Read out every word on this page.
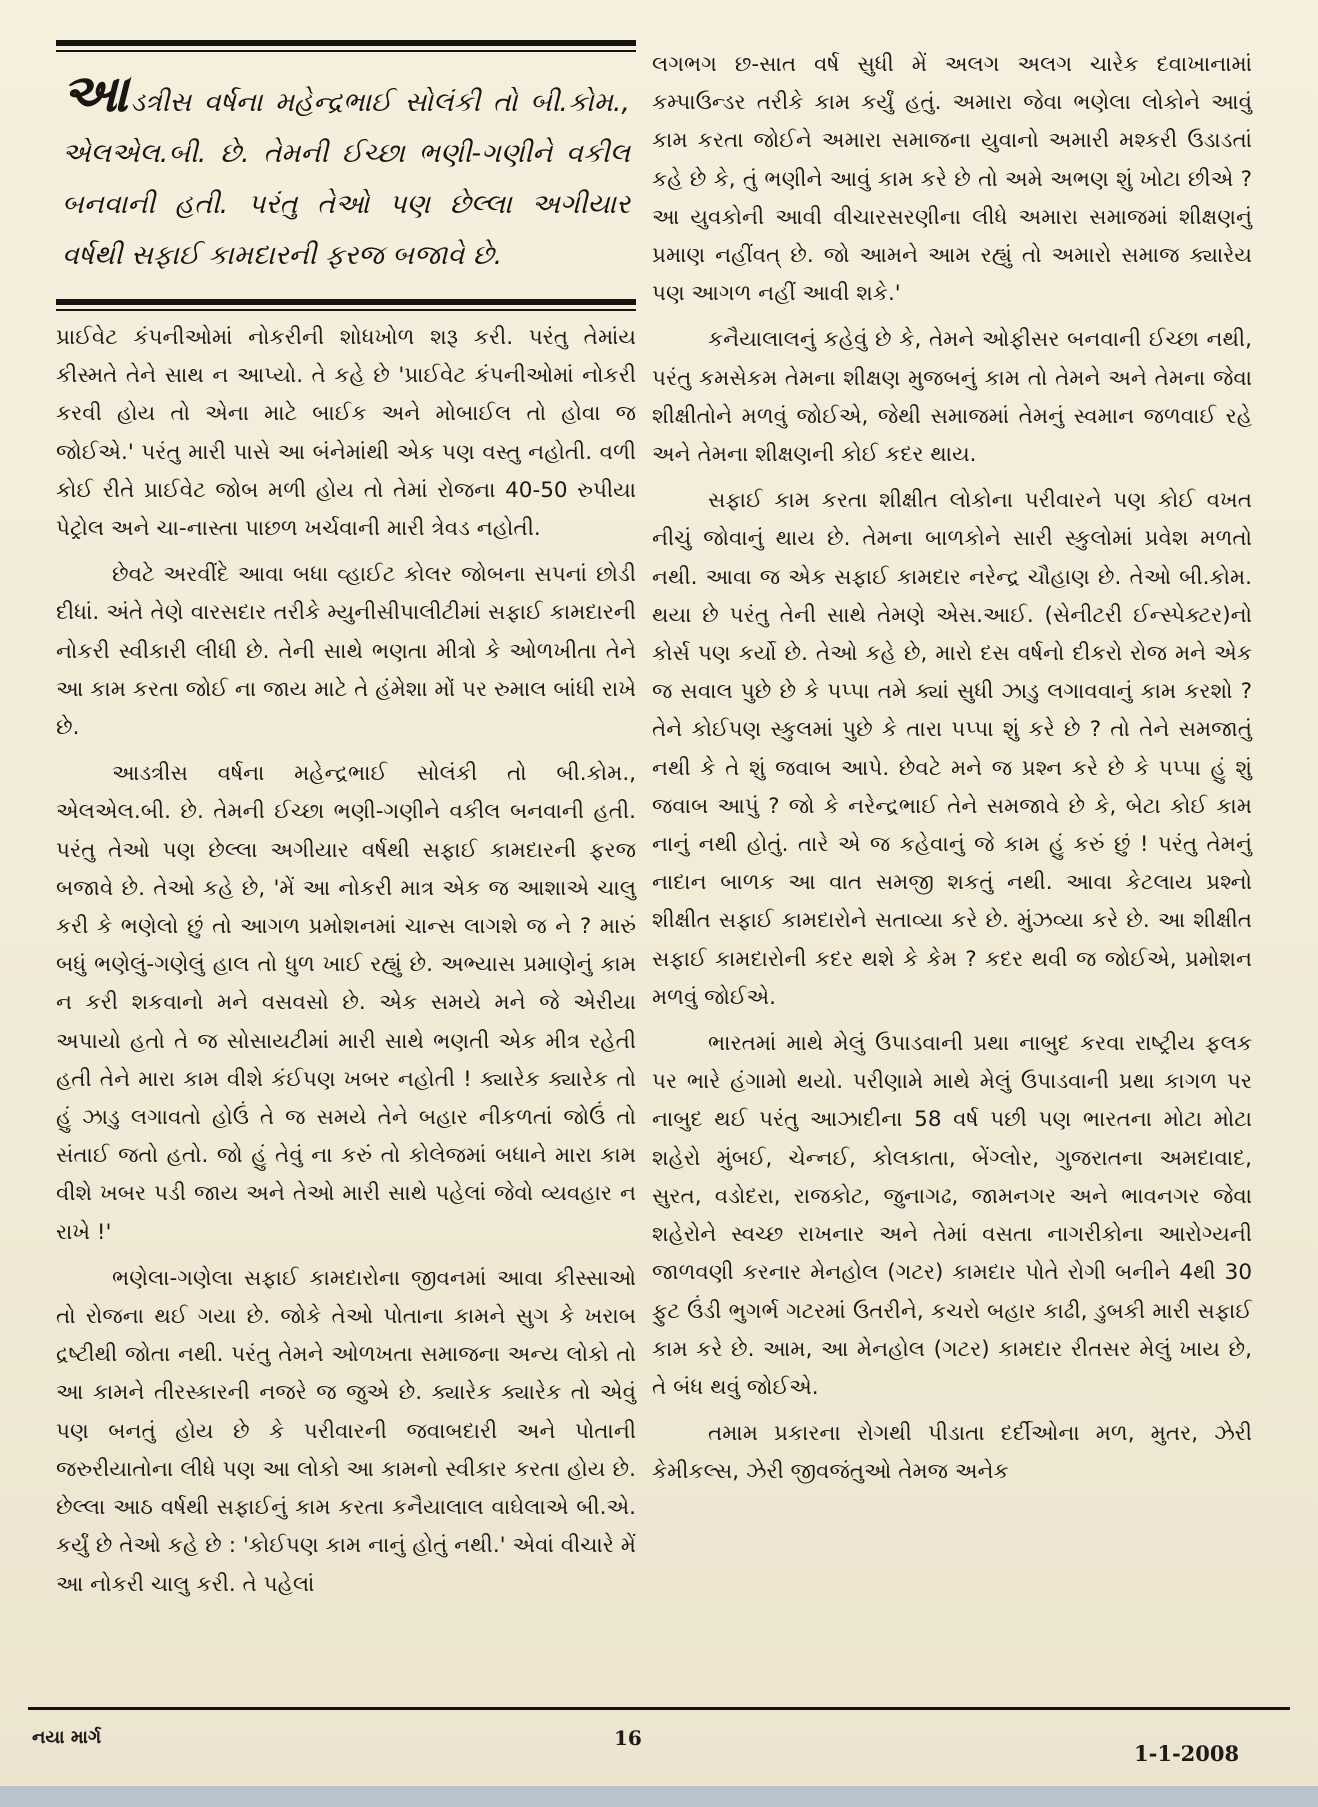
આડત્રીસ વર્ષના મહેન્દ્રભાઈ સોલંકી તો બી.કોમ., એલએલ.બી. છે. તેમની ઈચ્છા ભણી-ગણીને વકીલ બનવાની હતી. પરંતુ તેઓ પણ છેલ્લા અગીયાર વર્ષથી સફાઈ કામદારની ફરજ બજાવે છે.

પ્રાઈવેટ કંપનીઓમાં નોકરીની શોધખોળ શરૂ કરી. પરંતુ તેમાંય કીસ્મતે તેને સાથ ન આપ્યો. તે કહે છે 'પ્રાઈવેટ કંપનીઓમાં નોકરી કરવી હોય તો એના માટે બાઈક અને મોબાઈલ તો હોવા જ જોઈએ.' પરંતુ મારી પાસે આ બંનેમાંથી એક પણ વસ્તુ નહોતી. વળી કોઈ રીતે પ્રાઈવેટ જોબ મળી હોય તો તેમાં રોજના 40-50 રુપીયા પેટ્રોલ અને ચા-નાસ્તા પાછળ ખર્ચવાની મારી ત્રેવડ નહોતી.

છેવટે અરવીંદે આવા બધા વ્હાઈટ કોલર જોબના સપનાં છોડી દીધાં. અંતે તેણે વારસદાર તરીકે મ્યુનીસીપાલીટીમાં સફાઈ કામદારની નોકરી સ્વીકારી લીધી છે. તેની સાથે ભણતા મીત્રો કે ઓળખીતા તેને આ કામ કરતા જોઈ ના જાય માટે તે હંમેશા મોં પર રુમાલ બાંધી રાખે છે.

આડત્રીસ વર્ષના મહેન્દ્રભાઈ સોલંકી તો બી.કોમ., એલએલ.બી. છે. તેમની ઈચ્છા ભણી-ગણીને વકીલ બનવાની હતી. પરંતુ તેઓ પણ છેલ્લા અગીયાર વર્ષથી સફાઈ કામદારની ફરજ બજાવે છે. તેઓ કહે છે, 'મેં આ નોકરી માત્ર એક જ આશાએ ચાલુ કરી કે ભણેલો છું તો આગળ પ્રમોશનમાં ચાન્સ લાગશે જ ને ? મારું બધું ભણેલું-ગણેલું હાલ તો ધુળ ખાઈ રહ્યું છે. અભ્યાસ પ્રમાણેનું કામ ન કરી શકવાનો મને વસવસો છે. એક સમયે મને જે એરીયા અપાયો હતો તે જ સોસાયટીમાં મારી સાથે ભણતી એક મીત્ર રહેતી હતી તેને મારા કામ વીશે કંઈપણ ખબર નહોતી ! ક્યારેક ક્યારેક તો હું ઝાડુ લગાવતો હોઉં તે જ સમયે તેને બહાર નીકળતાં જોઉં તો સંતાઈ જતો હતો. જો હું તેવું ના કરું તો કોલેજમાં બધાને મારા કામ વીશે ખબર પડી જાય અને તેઓ મારી સાથે પહેલાં જેવો વ્યવહાર ન રાખે !'

ભણેલા-ગણેલા સફાઈ કામદારોના જીવનમાં આવા કીસ્સાઓ તો રોજના થઈ ગયા છે. જોકે તેઓ પોતાના કામને સુગ કે ખરાબ દ્રષ્ટીથી જોતા નથી. પરંતુ તેમને ઓળખતા સમાજના અન્ય લોકો તો આ કામને તીરસ્કારની નજરે જ જુએ છે. ક્યારેક ક્યારેક તો એવું પણ બનતું હોય છે કે પરીવારની જવાબદારી અને પોતાની જરુરીયાતોના લીધે પણ આ લોકો આ કામનો સ્વીકાર કરતા હોય છે. છેલ્લા આઠ વર્ષથી સફાઈનું કામ કરતા કનૈયાલાલ વાઘેલાએ બી.એ. કર્યું છે તેઓ કહે છે : 'કોઈપણ કામ નાનું હોતું નથી.' એવાં વીચારે મેં આ નોકરી ચાલુ કરી. તે પહેલાં

લગભગ છ-સાત વર્ષ સુધી મેં અલગ અલગ ચારેક દવાખાનામાં કમ્પાઉન્ડર તરીકે કામ કર્યું હતું. અમારા જેવા ભણેલા લોકોને આવું કામ કરતા જોઈને અમારા સમાજના યુવાનો અમારી મશ્કરી ઉડાડતાં કહે છે કે, તું ભણીને આવું કામ કરે છે તો અમે અભણ શું ખોટા છીએ ? આ યુવકોની આવી વીચારસરણીના લીધે અમારા સમાજમાં શીક્ષણનું પ્રમાણ નહીંવત્ છે. જો આમને આમ રહ્યું તો અમારો સમાજ ક્યારેય પણ આગળ નહીં આવી શકે.'

કનૈયાલાલનું કહેવું છે કે, તેમને ઓફીસર બનવાની ઈચ્છા નથી, પરંતુ કમસેકમ તેમના શીક્ષણ મુજબનું કામ તો તેમને અને તેમના જેવા શીક્ષીતોને મળવું જોઈએ, જેથી સમાજમાં તેમનું સ્વમાન જળવાઈ રહે અને તેમના શીક્ષણની કોઈ કદર થાય.

સફાઈ કામ કરતા શીક્ષીત લોકોના પરીવારને પણ કોઈ વખત નીચું જોવાનું થાય છે. તેમના બાળકોને સારી સ્કુલોમાં પ્રવેશ મળતો નથી. આવા જ એક સફાઈ કામદાર નરેન્દ્ર ચૌહાણ છે. તેઓ બી.કોમ. થયા છે પરંતુ તેની સાથે તેમણે એસ.આઈ. (સેનીટરી ઈન્સ્પેક્ટર)નો કોર્સ પણ કર્યો છે. તેઓ કહે છે, મારો દસ વર્ષનો દીકરો રોજ મને એક જ સવાલ પુછે છે કે પપ્પા તમે ક્યાં સુધી ઝાડુ લગાવવાનું કામ કરશો ? તેને કોઈપણ સ્કુલમાં પુછે કે તારા પપ્પા શું કરે છે ? તો તેને સમજાતું નથી કે તે શું જવાબ આપે. છેવટે મને જ પ્રશ્ન કરે છે કે પપ્પા હું શું જવાબ આપું ? જો કે નરેન્દ્રભાઈ તેને સમજાવે છે કે, બેટા કોઈ કામ નાનું નથી હોતું. તારે એ જ કહેવાનું જે કામ હું કરું છું ! પરંતુ તેમનું નાદાન બાળક આ વાત સમજી શકતું નથી. આવા કેટલાય પ્રશ્નો શીક્ષીત સફાઈ કામદારોને સતાવ્યા કરે છે. મુંઝવ્યા કરે છે. આ શીક્ષીત સફાઈ કામદારોની કદર થશે કે કેમ ? કદર થવી જ જોઈએ, પ્રમોશન મળવું જોઈએ.

ભારતમાં માથે મેલું ઉપાડવાની પ્રથા નાબુદ કરવા રાષ્ટ્રીય ફલક પર ભારે હંગામો થયો. પરીણામે માથે મેલું ઉપાડવાની પ્રથા કાગળ પર નાબુદ થઈ પરંતુ આઝાદીના 58 વર્ષ પછી પણ ભારતના મોટા મોટા શહેરો મુંબઈ, ચેન્નઈ, કોલકાતા, બેંગ્લોર, ગુજરાતના અમદાવાદ, સુરત, વડોદરા, રાજકોટ, જુનાગઢ, જામનગર અને ભાવનગર જેવા શહેરોને સ્વચ્છ રાખનાર અને તેમાં વસતા નાગરીકોના આરોગ્યની જાળવણી કરનાર મેનહોલ (ગટર) કામદાર પોતે રોગી બનીને 4થી 30 ફુટ ઉંડી ભુગર્ભ ગટરમાં ઉતરીને, કચરો બહાર કાઢી, ડુબકી મારી સફાઈ કામ કરે છે. આમ, આ મેનહોલ (ગટર) કામદાર રીતસર મેલું ખાય છે, તે બંધ થવું જોઈએ.

તમામ પ્રકારના રોગથી પીડાતા દર્દીઓના મળ, મુતર, ઝેરી કેમીકલ્સ, ઝેરી જીવજંતુઓ તેમજ અનેક

નયા માર્ગ	16
1-1-2008
